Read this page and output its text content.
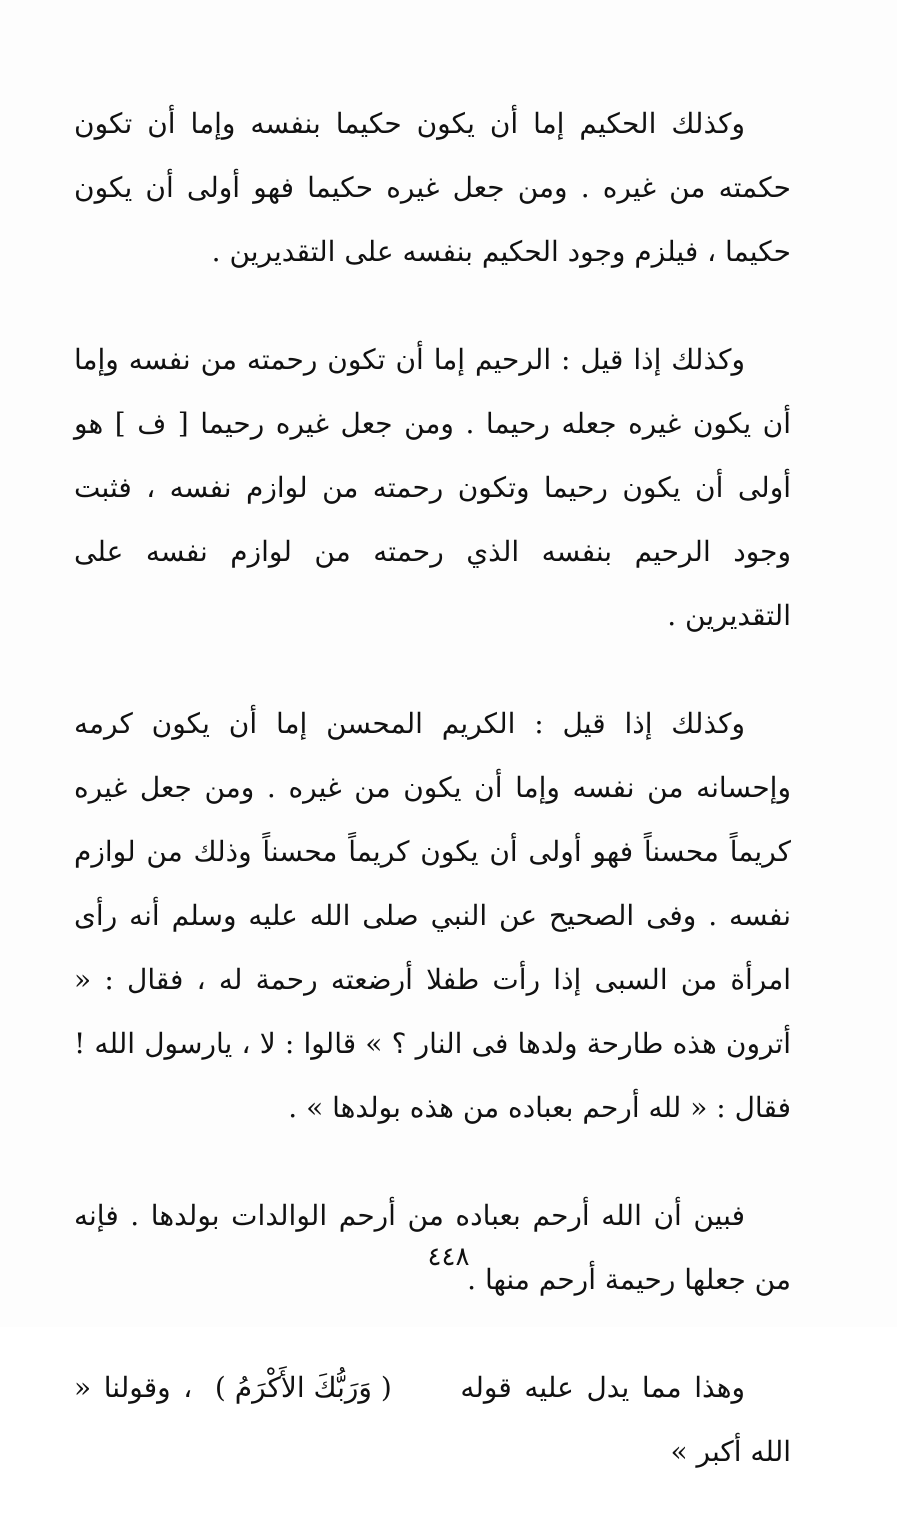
وكذلك الحكيم إما أن يكون حكيما بنفسه وإما أن تكون حكمته من غيره . ومن جعل غيره حكيما فهو أولى أن يكون حكيما ، فيلزم وجود الحكيم بنفسه على التقديرين .

وكذلك إذا قيل : الرحيم إما أن تكون رحمته من نفسه وإما أن يكون غيره جعله رحيما . ومن جعل غيره رحيما [ ف ] هو أولى أن يكون رحيما وتكون رحمته من لوازم نفسه ، فثبت وجود الرحيم بنفسه الذي رحمته من لوازم نفسه على التقديرين .

وكذلك إذا قيل : الكريم المحسن إما أن يكون كرمه وإحسانه من نفسه وإما أن يكون من غيره . ومن جعل غيره كريماً محسناً فهو أولى أن يكون كريماً محسناً وذلك من لوازم نفسه . وفى الصحيح عن النبي صلى الله عليه وسلم أنه رأى امرأة من السبى إذا رأت طفلا أرضعته رحمة له ، فقال : « أترون هذه طارحة ولدها فى النار ؟ » قالوا : لا ، يارسول الله ! فقال : « لله أرحم بعباده من هذه بولدها » .

فبين أن الله أرحم بعباده من أرحم الوالدات بولدها . فإنه من جعلها رحيمة أرحم منها .

وهذا مما يدل عليه قوله ( وَرَبُّكَ الأَكْرَمُ ) ، وقولنا « الله أكبر »

٤٤٨
